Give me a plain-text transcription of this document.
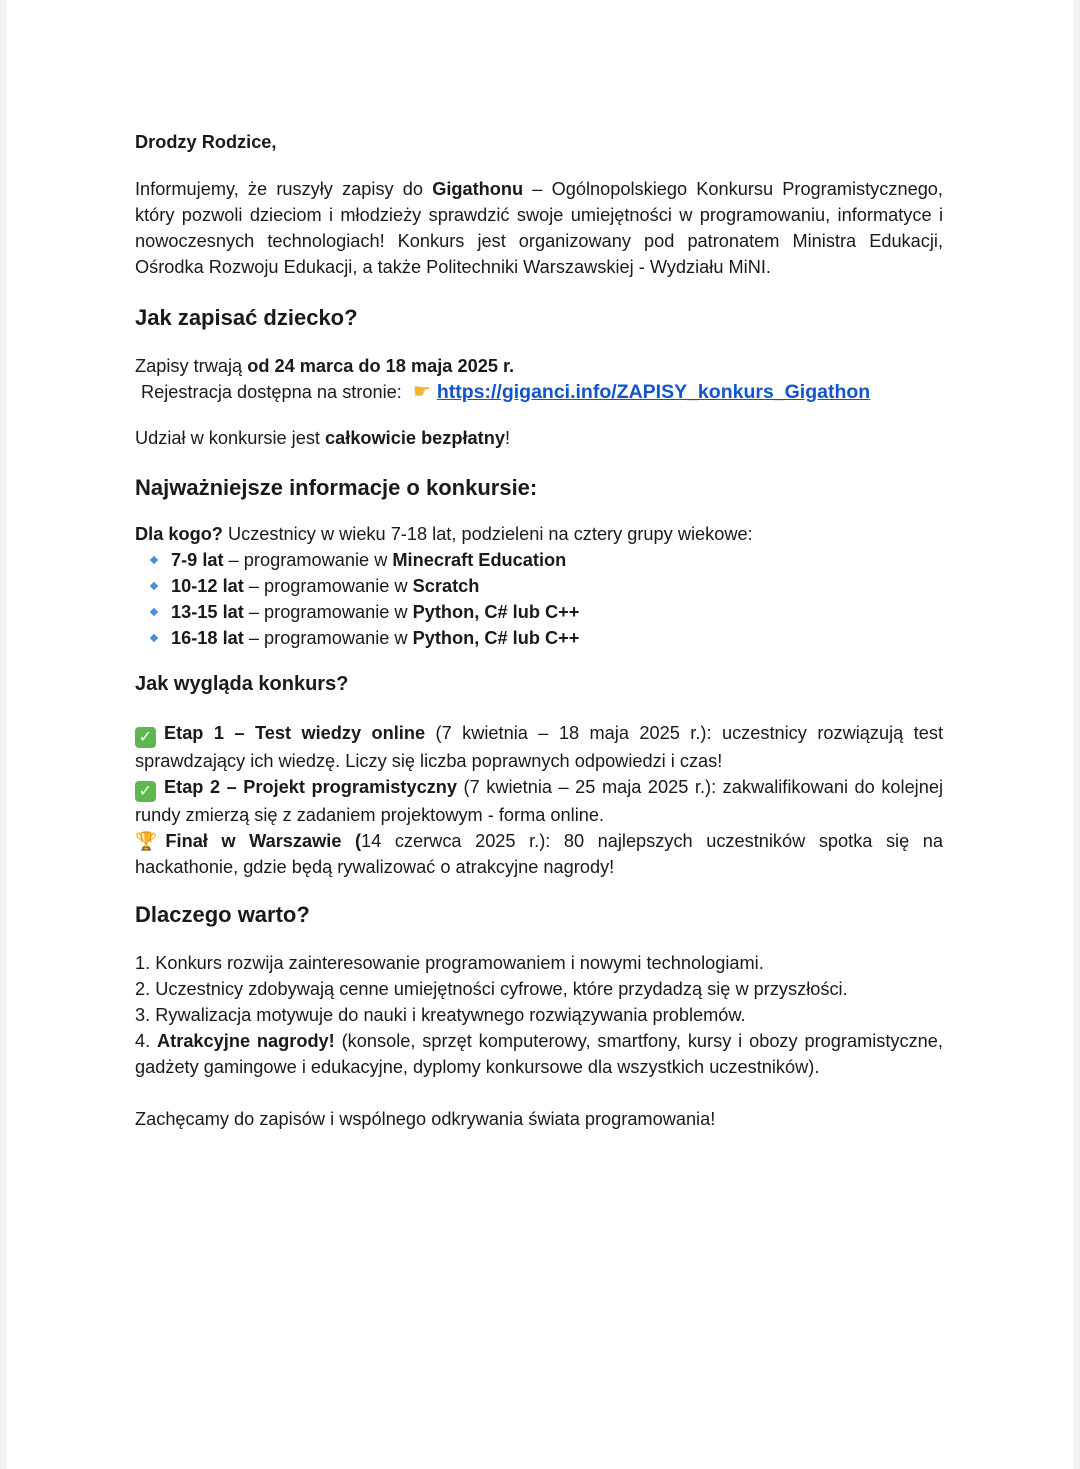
Drodzy Rodzice,

Informujemy, że ruszyły zapisy do Gigathonu – Ogólnopolskiego Konkursu Programistycznego, który pozwoli dzieciom i młodzieży sprawdzić swoje umiejętności w programowaniu, informatyce i nowoczesnych technologiach! Konkurs jest organizowany pod patronatem Ministra Edukacji, Ośrodka Rozwoju Edukacji, a także Politechniki Warszawskiej - Wydziału MiNI.

Jak zapisać dziecko?

Zapisy trwają od 24 marca do 18 maja 2025 r.

Rejestracja dostępna na stronie: ☛ https://giganci.info/ZAPISY_konkurs_Gigathon

Udział w konkursie jest całkowicie bezpłatny!

Najważniejsze informacje o konkursie:

Dla kogo? Uczestnicy w wieku 7-18 lat, podzieleni na cztery grupy wiekowe:

7-9 lat – programowanie w Minecraft Education
10-12 lat – programowanie w Scratch
13-15 lat – programowanie w Python, C# lub C++
16-18 lat – programowanie w Python, C# lub C++
Jak wygląda konkurs?

✓ Etap 1 – Test wiedzy online (7 kwietnia – 18 maja 2025 r.): uczestnicy rozwiązują test sprawdzający ich wiedzę. Liczy się liczba poprawnych odpowiedzi i czas!

✓ Etap 2 – Projekt programistyczny (7 kwietnia – 25 maja 2025 r.): zakwalifikowani do kolejnej rundy zmierzą się z zadaniem projektowym - forma online.

🏆 Finał w Warszawie (14 czerwca 2025 r.): 80 najlepszych uczestników spotka się na hackathonie, gdzie będą rywalizować o atrakcyjne nagrody!

Dlaczego warto?

1. Konkurs rozwija zainteresowanie programowaniem i nowymi technologiami.

2. Uczestnicy zdobywają cenne umiejętności cyfrowe, które przydadzą się w przyszłości.

3. Rywalizacja motywuje do nauki i kreatywnego rozwiązywania problemów.

4. Atrakcyjne nagrody! (konsole, sprzęt komputerowy, smartfony, kursy i obozy programistyczne, gadżety gamingowe i edukacyjne, dyplomy konkursowe dla wszystkich uczestników).

Zachęcamy do zapisów i wspólnego odkrywania świata programowania!
